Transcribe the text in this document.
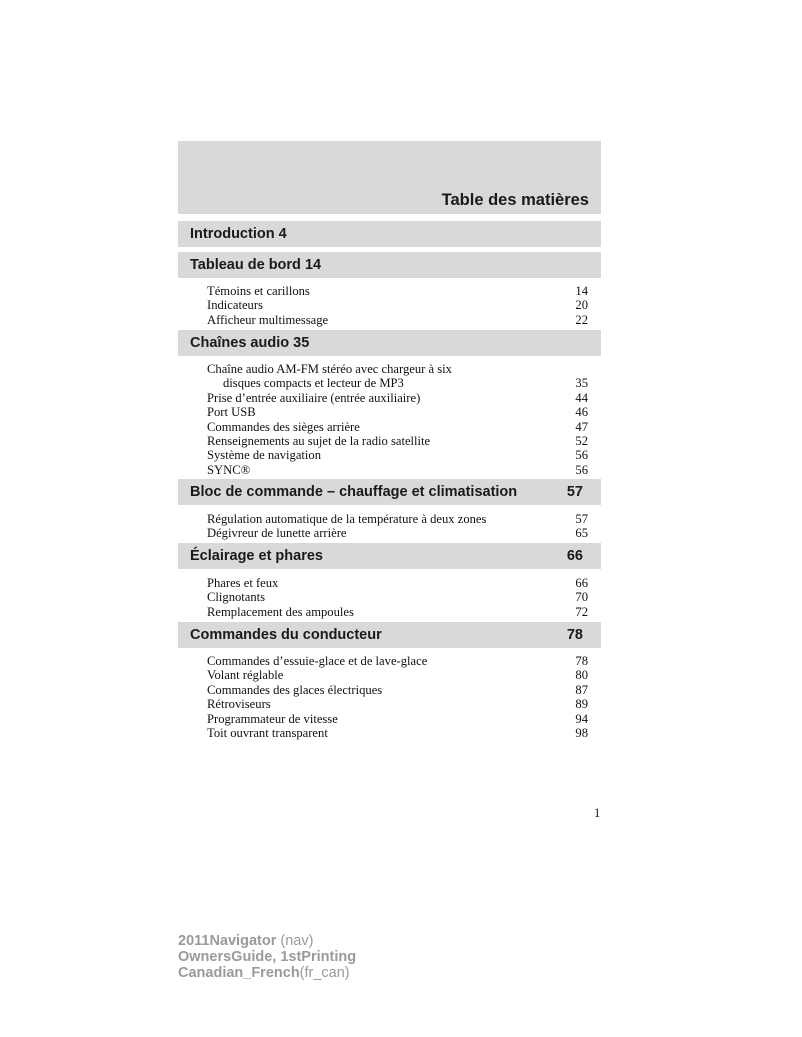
Table des matières
Introduction 4
Tableau de bord 14
Témoins et carillons	14
Indicateurs	20
Afficheur multimessage	22
Chaînes audio 35
Chaîne audio AM-FM stéréo avec chargeur à six
disques compacts et lecteur de MP3	35
Prise d’entrée auxiliaire (entrée auxiliaire)	44
Port USB	46
Commandes des sièges arrière	47
Renseignements au sujet de la radio satellite	52
Système de navigation	56
SYNC®	56
Bloc de commande – chauffage et climatisation	57
Régulation automatique de la température à deux zones	57
Dégivreur de lunette arrière	65
Éclairage et phares	66
Phares et feux	66
Clignotants	70
Remplacement des ampoules	72
Commandes du conducteur	78
Commandes d’essuie-glace et de lave-glace	78
Volant réglable	80
Commandes des glaces électriques	87
Rétroviseurs	89
Programmateur de vitesse	94
Toit ouvrant transparent	98
1
2011Navigator (nav)
OwnersGuide, 1stPrinting
Canadian_French(fr_can)
